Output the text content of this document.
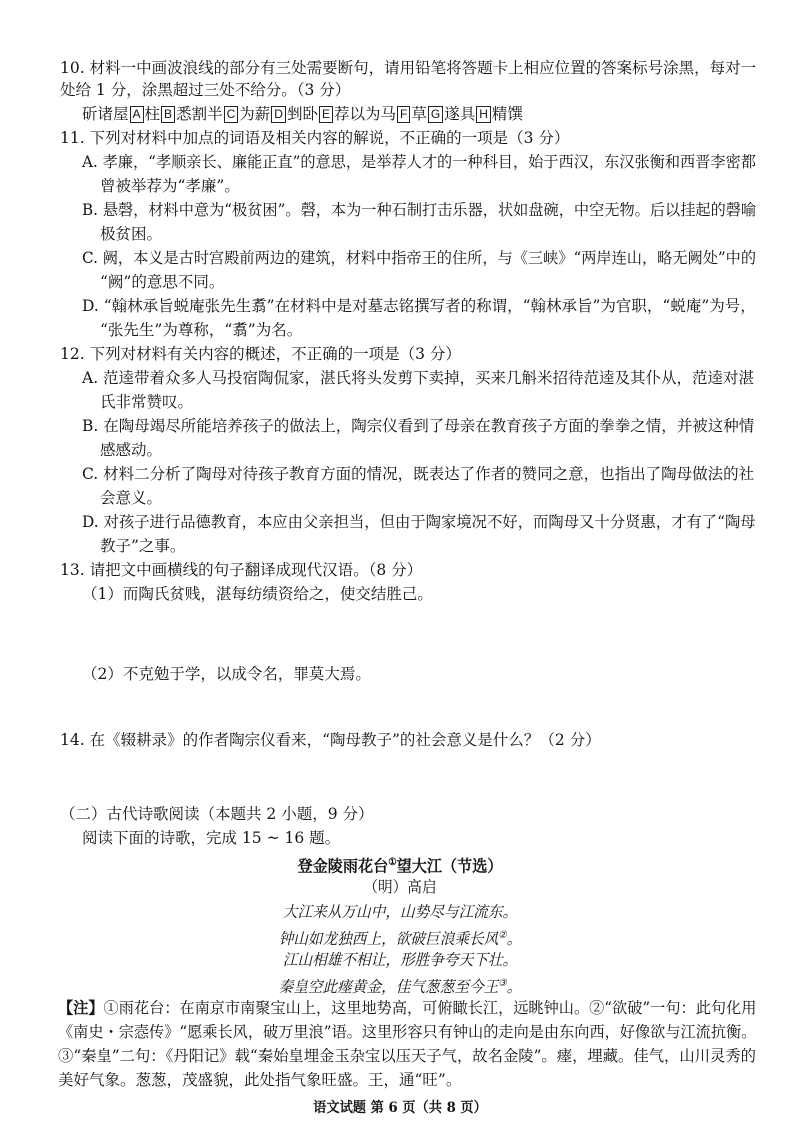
10. 材料一中画波浪线的部分有三处需要断句，请用铅笔将答题卡上相应位置的答案标号涂黑，每对一
处给 1 分，涂黑超过三处不给分。（3 分）
斫诸屋 A 柱 B 悉割半 C 为薪 D 剉卧 E 荐以为马 F 草 G 遂具 H 精馔
11. 下列对材料中加点的词语及相关内容的解说，不正确的一项是（3 分）
A. 孝廉，“孝顺亲长、廉能正直”的意思，是举荐人才的一种科目，始于西汉，东汉张衡和西晋李密都
曾被举荐为“孝廉”。
B. 悬磬，材料中意为“极贫困”。磬，本为一种石制打击乐器，状如盘碗，中空无物。后以挂起的磬喻
极贫困。
C. 阙，本义是古时宫殿前两边的建筑，材料中指帝王的住所，与《三峡》“两岸连山，略无阙处”中的
“阙”的意思不同。
D. “翰林承旨蜕庵张先生翥”在材料中是对墓志铭撰写者的称谓，“翰林承旨”为官职，“蜕庵”为号，
“张先生”为尊称，“翥”为名。
12. 下列对材料有关内容的概述，不正确的一项是（3 分）
A. 范逵带着众多人马投宿陶侃家，湛氏将头发剪下卖掉，买来几斛米招待范逵及其仆从，范逵对湛
氏非常赞叹。
B. 在陶母竭尽所能培养孩子的做法上，陶宗仪看到了母亲在教育孩子方面的拳拳之情，并被这种情
感感动。
C. 材料二分析了陶母对待孩子教育方面的情况，既表达了作者的赞同之意，也指出了陶母做法的社
会意义。
D. 对孩子进行品德教育，本应由父亲担当，但由于陶家境况不好，而陶母又十分贤惠，才有了“陶母
教子”之事。
13. 请把文中画横线的句子翻译成现代汉语。（8 分）
（1）而陶氏贫贱，湛每纺绩资给之，使交结胜己。
（2）不克勉于学，以成令名，罪莫大焉。
14. 在《辍耕录》的作者陶宗仪看来，“陶母教子”的社会意义是什么？（2 分）
（二）古代诗歌阅读（本题共 2 小题，9 分）
阅读下面的诗歌，完成 15 ~ 16 题。
登金陵雨花台①望大江（节选）
（明）高启
大江来从万山中，山势尽与江流东。
钟山如龙独西上，欲破巨浪乘长风②。
江山相雄不相让，形胜争夸天下壮。
秦皇空此瘗黄金，佳气葱葱至今王③。
【注】①雨花台：在南京市南聚宝山上，这里地势高，可俯瞰长江，远眺钟山。②“欲破”一句：此句化用
《南史・宗悫传》“愿乘长风，破万里浪”语。这里形容只有钟山的走向是由东向西，好像欲与江流抗衡。
③“秦皇”二句：《丹阳记》载“秦始皇埋金玉杂宝以压天子气，故名金陵”。瘗，埋藏。佳气，山川灵秀的
美好气象。葱葱，茂盛貌，此处指气象旺盛。王，通“旺”。
语文试题 第 6 页（共 8 页）
